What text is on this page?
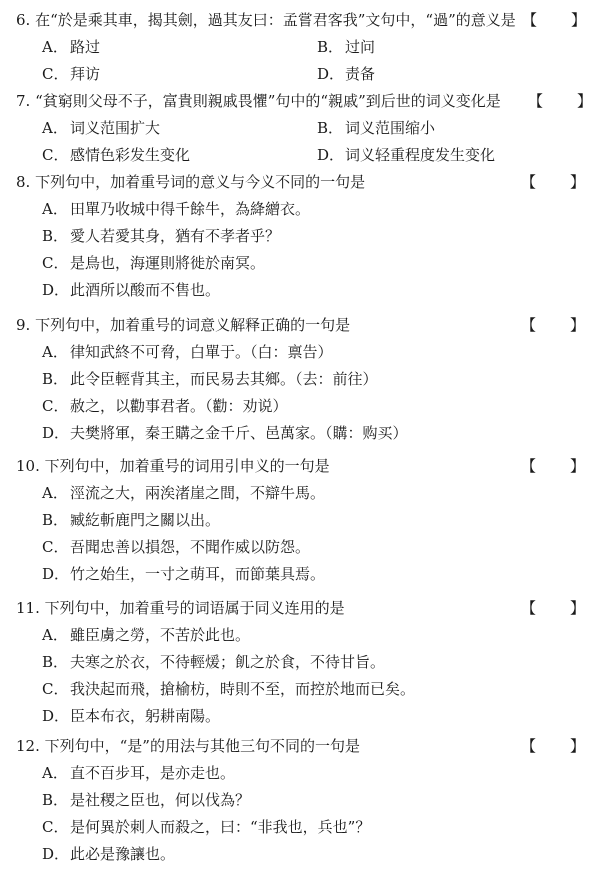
6. 在“於是乘其車，揭其劍，過其友曰：孟嘗君客我”文句中，“過”的意义是 【 】
A． 路过	B． 过问
C． 拜访	D．责备
7. “貧窮則父母不子，富貴則親戚畏懼”句中的“親戚”到后世的词义变化是 【 】
A． 词义范围扩大	B． 词义范围缩小
C． 感情色彩发生变化	D．词义轻重程度发生变化
8. 下列句中，加着重号词的意义与今义不同的一句是	【 】
A． 田單乃收城中得千餘牛，為絳繒衣。
B． 愛人若愛其身，猶有不孝者乎？
C． 是鳥也，海運則將徙於南冥。
D．此酒所以酸而不售也。
9. 下列句中，加着重号的词意义解释正确的一句是	【 】
A． 律知武終不可脅，白單于。（白：禀告）
B． 此令臣輕背其主，而民易去其鄉。（去：前往）
C． 赦之，以勸事君者。（勸：劝说）
D．夫樊將軍，秦王購之金千斤、邑萬家。（購：购买）
10. 下列句中，加着重号的词用引申义的一句是	【 】
A． 涇流之大，兩涘渚崖之間，不辯牛馬。
B． 臧紇斬鹿門之關以出。
C． 吾聞忠善以損怨，不聞作威以防怨。
D．竹之始生，一寸之萌耳，而節葉具焉。
11. 下列句中，加着重号的词语属于同义连用的是	【 】
A． 雖臣虜之勞，不苦於此也。
B． 夫寒之於衣，不待輕煖；飢之於食，不待甘旨。
C． 我決起而飛，搶榆枋，時則不至，而控於地而已矣。
D．臣本布衣，躬耕南陽。
12. 下列句中，“是”的用法与其他三句不同的一句是	【 】
A． 直不百步耳，是亦走也。
B． 是社稷之臣也，何以伐為？
C． 是何異於刺人而殺之，曰：“非我也，兵也”？
D．此必是豫讓也。
